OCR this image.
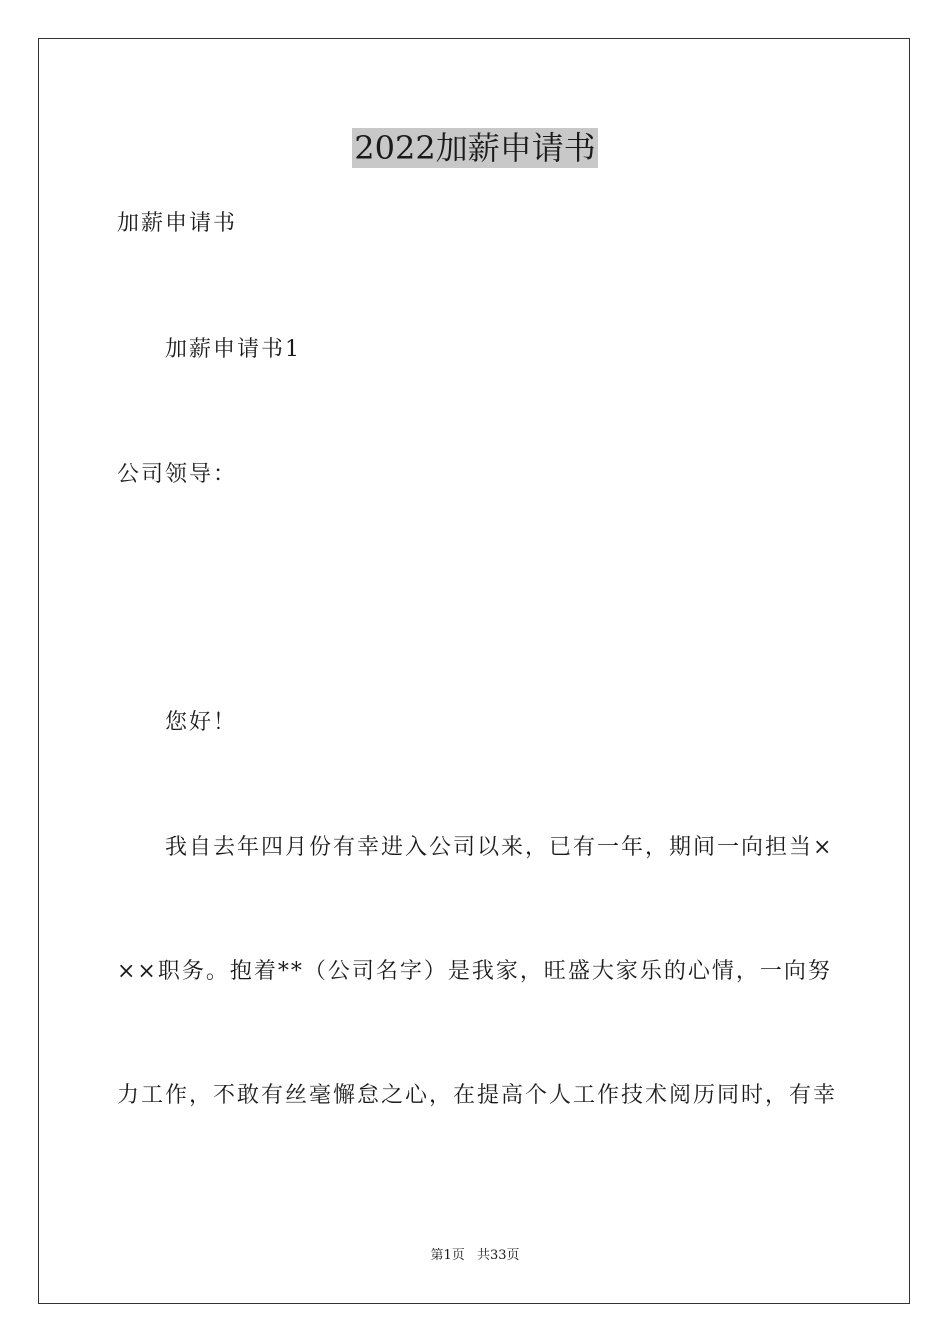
2022加薪申请书
加薪申请书
加薪申请书1
公司领导：
您好！
我自去年四月份有幸进入公司以来，已有一年，期间一向担当×
××职务。抱着**（公司名字）是我家，旺盛大家乐的心情，一向努
力工作，不敢有丝毫懈怠之心，在提高个人工作技术阅历同时，有幸
第1页 共33页
